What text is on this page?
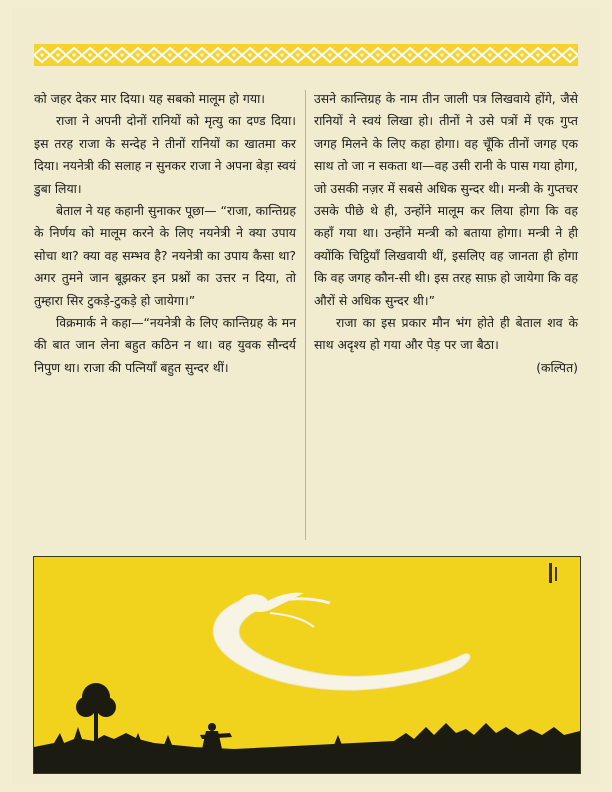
को जहर देकर मार दिया। यह सबको मालूम हो गया।

राजा ने अपनी दोनों रानियों को मृत्यु का दण्ड दिया। इस तरह राजा के सन्देह ने तीनों रानियों का खातमा कर दिया। नयनेत्री की सलाह न सुनकर राजा ने अपना बेड़ा स्वयं डुबा लिया।

बेताल ने यह कहानी सुनाकर पूछा— “राजा, कान्तिग्रह के निर्णय को मालूम करने के लिए नयनेत्री ने क्या उपाय सोचा था? क्या वह सम्भव है? नयनेत्री का उपाय कैसा था? अगर तुमने जान बूझकर इन प्रश्नों का उत्तर न दिया, तो तुम्हारा सिर टुकड़े-टुकड़े हो जायेगा।”

विक्रमार्क ने कहा—“नयनेत्री के लिए कान्तिग्रह के मन की बात जान लेना बहुत कठिन न था। वह युवक सौन्दर्य निपुण था। राजा की पत्नियाँ बहुत सुन्दर थीं।

उसने कान्तिग्रह के नाम तीन जाली पत्र लिखवाये होंगे, जैसे रानियों ने स्वयं लिखा हो। तीनों ने उसे पत्रों में एक गुप्त जगह मिलने के लिए कहा होगा। वह चूँकि तीनों जगह एक साथ तो जा न सकता था—वह उसी रानी के पास गया होगा, जो उसकी नज़र में सबसे अधिक सुन्दर थी। मन्त्री के गुप्तचर उसके पीछे थे ही, उन्होंने मालूम कर लिया होगा कि वह कहाँ गया था। उन्होंने मन्त्री को बताया होगा। मन्त्री ने ही क्योंकि चिट्ठियाँ लिखवायी थीं, इसलिए वह जानता ही होगा कि वह जगह कौन-सी थी। इस तरह साफ़ हो जायेगा कि वह औरों से अधिक सुन्दर थी।”

राजा का इस प्रकार मौन भंग होते ही बेताल शव के साथ अदृश्य हो गया और पेड़ पर जा बैठा।

(कल्पित)
